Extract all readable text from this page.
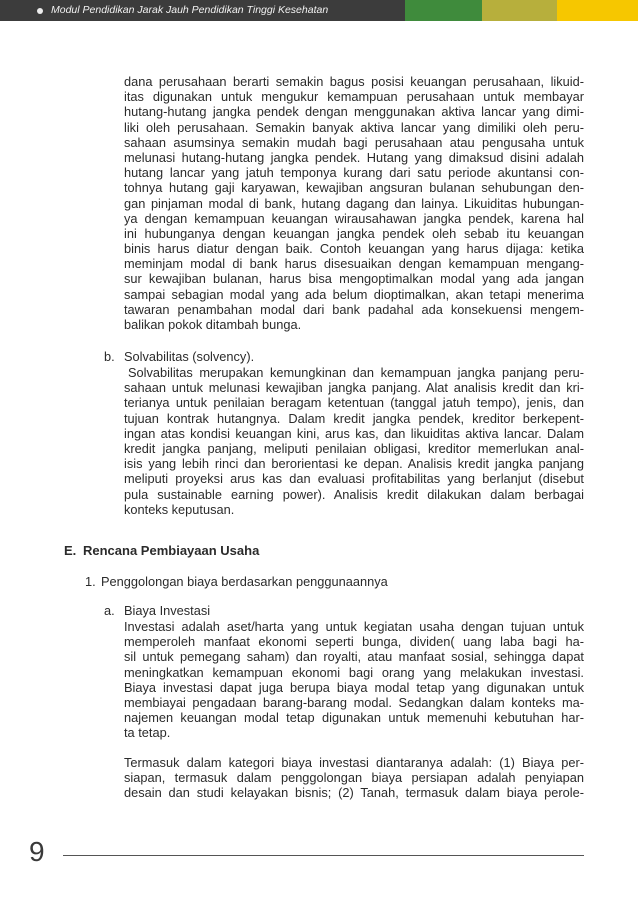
Modul Pendidikan Jarak Jauh Pendidikan Tinggi Kesehatan
dana perusahaan berarti semakin bagus posisi keuangan perusahaan, likuid-
itas digunakan untuk mengukur kemampuan perusahaan untuk membayar
hutang-hutang jangka pendek dengan menggunakan aktiva lancar yang dimi-
liki oleh perusahaan. Semakin banyak aktiva lancar yang dimiliki oleh peru-
sahaan asumsinya semakin mudah bagi perusahaan atau pengusaha untuk
melunasi hutang-hutang jangka pendek. Hutang yang dimaksud disini adalah
hutang lancar yang jatuh temponya kurang dari satu periode akuntansi con-
tohnya hutang gaji karyawan, kewajiban angsuran bulanan sehubungan den-
gan pinjaman modal di bank, hutang dagang dan lainya. Likuiditas hubungan-
ya dengan kemampuan keuangan wirausahawan jangka pendek, karena hal
ini hubunganya dengan keuangan jangka pendek oleh sebab itu keuangan
binis harus diatur dengan baik. Contoh keuangan yang harus dijaga: ketika
meminjam modal di bank harus disesuaikan dengan kemampuan mengang-
sur kewajiban bulanan, harus bisa mengoptimalkan modal yang ada jangan
sampai sebagian modal yang ada belum dioptimalkan, akan tetapi menerima
tawaran penambahan modal dari bank padahal ada konsekuensi mengem-
balikan pokok ditambah bunga.
b. Solvabilitas (solvency).
Solvabilitas merupakan kemungkinan dan kemampuan jangka panjang peru-
sahaan untuk melunasi kewajiban jangka panjang. Alat analisis kredit dan kri-
terianya untuk penilaian beragam ketentuan (tanggal jatuh tempo), jenis, dan
tujuan kontrak hutangnya. Dalam kredit jangka pendek, kreditor berkepent-
ingan atas kondisi keuangan kini, arus kas, dan likuiditas aktiva lancar. Dalam
kredit jangka panjang, meliputi penilaian obligasi, kreditor memerlukan anal-
isis yang lebih rinci dan berorientasi ke depan. Analisis kredit jangka panjang
meliputi proyeksi arus kas dan evaluasi profitabilitas yang berlanjut (disebut
pula sustainable earning power). Analisis kredit dilakukan dalam berbagai
konteks keputusan.
E. Rencana Pembiayaan Usaha
1. Penggolongan biaya berdasarkan penggunaannya
a. Biaya Investasi
Investasi adalah aset/harta yang untuk kegiatan usaha dengan tujuan untuk
memperoleh manfaat ekonomi seperti bunga, dividen( uang laba bagi ha-
sil untuk pemegang saham) dan royalti, atau manfaat sosial, sehingga dapat
meningkatkan kemampuan ekonomi bagi orang yang melakukan investasi.
Biaya investasi dapat juga berupa biaya modal tetap yang digunakan untuk
membiayai pengadaan barang-barang modal. Sedangkan dalam konteks ma-
najemen keuangan modal tetap digunakan untuk memenuhi kebutuhan har-
ta tetap.
Termasuk dalam kategori biaya investasi diantaranya adalah: (1) Biaya per-
siapan, termasuk dalam penggolongan biaya persiapan adalah penyiapan
desain dan studi kelayakan bisnis; (2) Tanah, termasuk dalam biaya perole-
9
